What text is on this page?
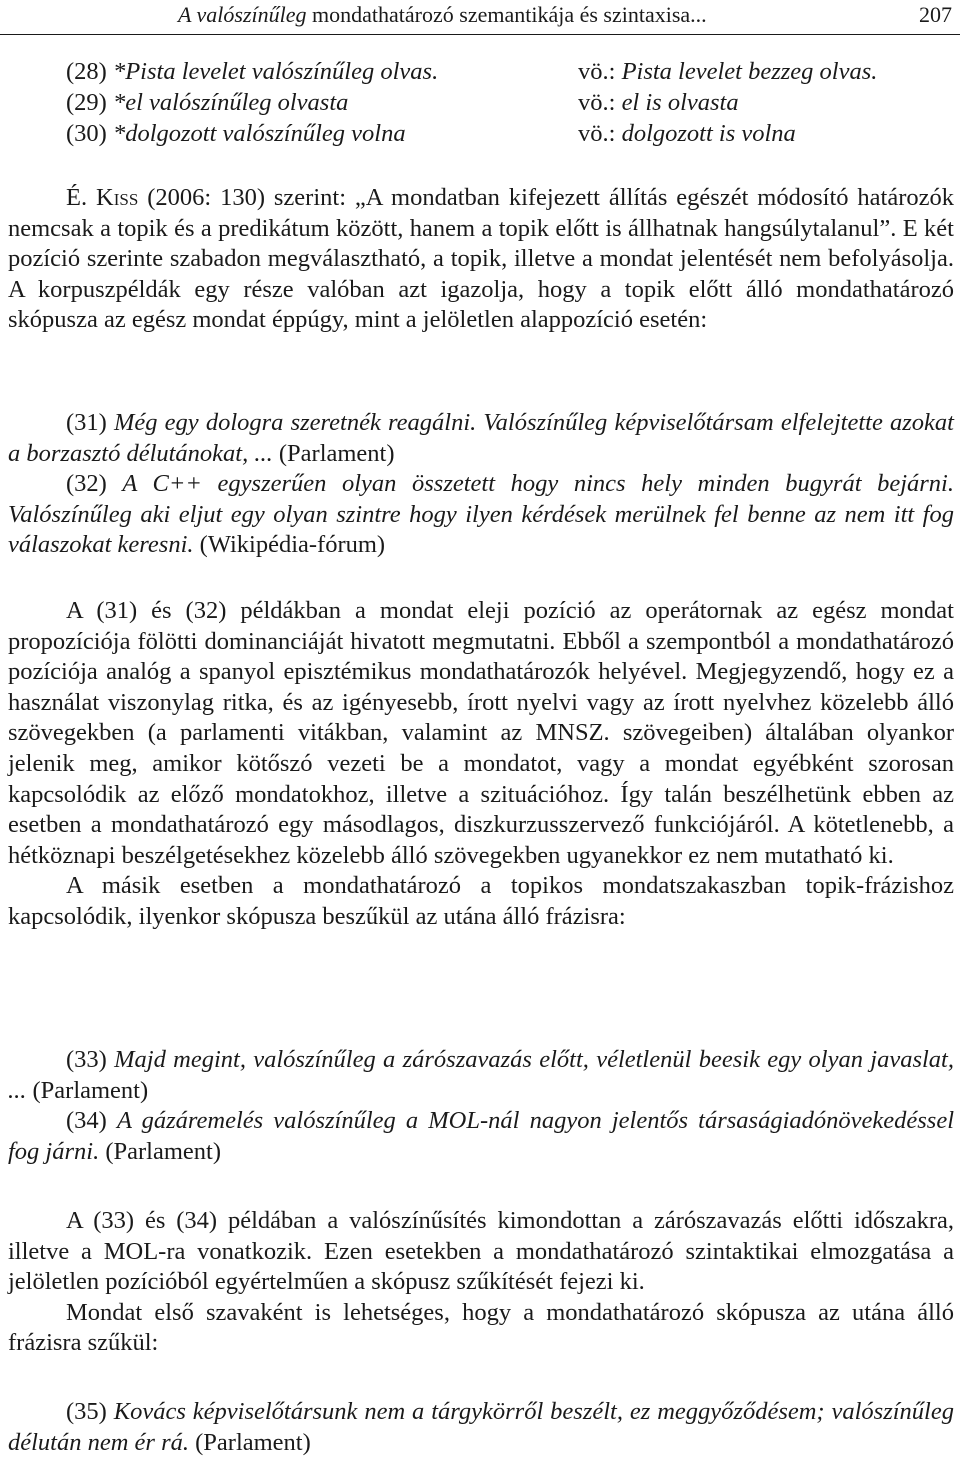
A valószínűleg mondathatározó szemantikája és szintaxisa...	207
(28) *Pista levelet valószínűleg olvas.	vö.: Pista levelet bezzeg olvas.
(29) *el valószínűleg olvasta	vö.: el is olvasta
(30) *dolgozott valószínűleg volna	vö.: dolgozott is volna

É. Kiss (2006: 130) szerint: „A mondatban kifejezett állítás egészét módosító határozók nemcsak a topik és a predikátum között, hanem a topik előtt is állhatnak hangsúlytalanul”. E két pozíció szerinte szabadon megválasztható, a topik, illetve a mondat jelentését nem befolyásolja. A korpuszpéldák egy része valóban azt igazolja, hogy a topik előtt álló mondathatározó skópusza az egész mondat éppúgy, mint a jelöletlen alappozíció esetén:

(31) Még egy dologra szeretnék reagálni. Valószínűleg képviselőtársam elfelejtette azokat a borzasztó délutánokat, ... (Parlament)

(32) A C++ egyszerűen olyan összetett hogy nincs hely minden bugyrát bejárni. Valószínűleg aki eljut egy olyan szintre hogy ilyen kérdések merülnek fel benne az nem itt fog válaszokat keresni. (Wikipédia-fórum)

A (31) és (32) példákban a mondat eleji pozíció az operátornak az egész mondat propozíciója fölötti dominanciáját hivatott megmutatni. Ebből a szempontból a mondathatározó pozíciója analóg a spanyol episztémikus mondathatározók helyével. Megjegyzendő, hogy ez a használat viszonylag ritka, és az igényesebb, írott nyelvi vagy az írott nyelvhez közelebb álló szövegekben (a parlamenti vitákban, valamint az MNSZ. szövegeiben) általában olyankor jelenik meg, amikor kötőszó vezeti be a mondatot, vagy a mondat egyébként szorosan kapcsolódik az előző mondatokhoz, illetve a szituációhoz. Így talán beszélhetünk ebben az esetben a mondathatározó egy másodlagos, diszkurzusszervező funkciójáról. A kötetlenebb, a hétköznapi beszélgetésekhez közelebb álló szövegekben ugyanekkor ez nem mutatható ki.

A másik esetben a mondathatározó a topikos mondatszakaszban topik-frázishoz kapcsolódik, ilyenkor skópusza beszűkül az utána álló frázisra:

(33) Majd megint, valószínűleg a zárószavazás előtt, véletlenül beesik egy olyan javaslat, ... (Parlament)

(34) A gázáremelés valószínűleg a MOL-nál nagyon jelentős társaságiadónövekedéssel fog járni. (Parlament)

A (33) és (34) példában a valószínűsítés kimondottan a zárószavazás előtti időszakra, illetve a MOL-ra vonatkozik. Ezen esetekben a mondathatározó szintaktikai elmozgatása a jelöletlen pozícióból egyértelműen a skópusz szűkítését fejezi ki.

Mondat első szavaként is lehetséges, hogy a mondathatározó skópusza az utána álló frázisra szűkül:

(35) Kovács képviselőtársunk nem a tárgykörről beszélt, ez meggyőződésem; valószínűleg délután nem ér rá. (Parlament)
